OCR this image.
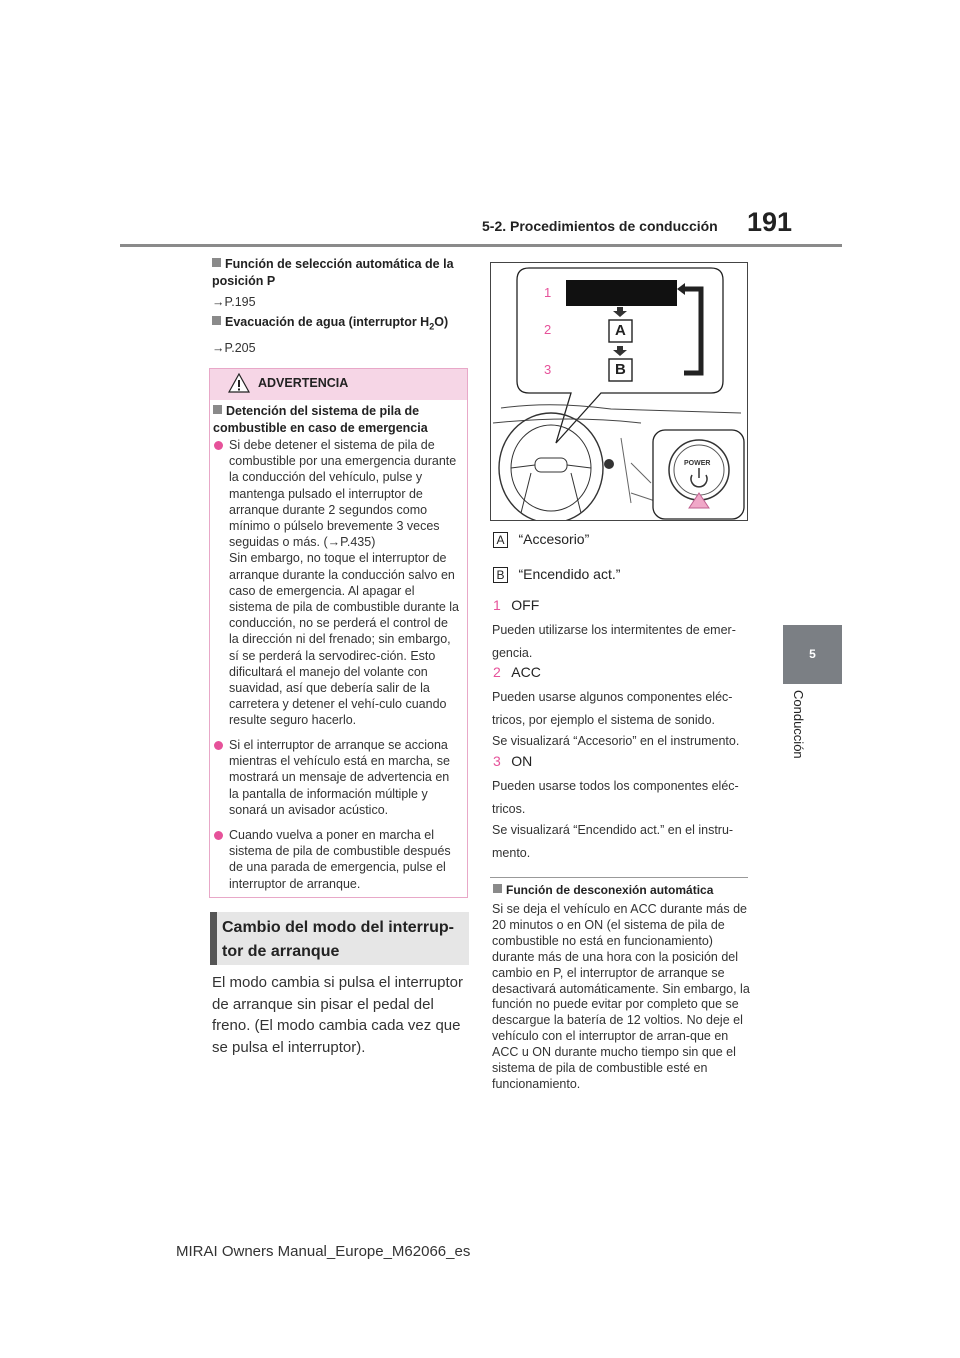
5-2. Procedimientos de conducción 191
5
Conducción
Función de selección automática de la posición P
→P.195
Evacuación de agua (interruptor $H_2O$)
→P.205
ADVERTENCIA
Detención del sistema de pila de combustible en caso de emergencia
Si debe detener el sistema de pila de combustible por una emergencia durante la conducción del vehículo, pulse y mantenga pulsado el interruptor de arranque durante 2 segundos como mínimo o púlselo brevemente 3 veces seguidas o más. (→P.435)
Sin embargo, no toque el interruptor de arranque durante la conducción salvo en caso de emergencia. Al apagar el sistema de pila de combustible durante la conducción, no se perderá el control de la dirección ni del frenado; sin embargo, sí se perderá la servodirec-ción. Esto dificultará el manejo del volante con suavidad, así que debería salir de la carretera y detener el vehí-culo cuando resulte seguro hacerlo.
Si el interruptor de arranque se acciona mientras el vehículo está en marcha, se mostrará un mensaje de advertencia en la pantalla de información múltiple y sonará un avisador acústico.
Cuando vuelva a poner en marcha el sistema de pila de combustible después de una parada de emergencia, pulse el interruptor de arranque.
Cambio del modo del interrup-tor de arranque
El modo cambia si pulsa el interruptor de arranque sin pisar el pedal del freno. (El modo cambia cada vez que se pulsa el interruptor).
1
2
3
A
B
POWER
A “Accesorio”
B “Encendido act.”
1 OFF
Pueden utilizarse los intermitentes de emer-gencia.
2 ACC
Pueden usarse algunos componentes eléc-tricos, por ejemplo el sistema de sonido.
Se visualizará “Accesorio” en el instrumento.
3 ON
Pueden usarse todos los componentes eléc-tricos.
Se visualizará “Encendido act.” en el instru-mento.
Función de desconexión automática
Si se deja el vehículo en ACC durante más de 20 minutos o en ON (el sistema de pila de combustible no está en funcionamiento) durante más de una hora con la posición del cambio en P, el interruptor de arranque se desactivará automáticamente. Sin embargo, la función no puede evitar por completo que se descargue la batería de 12 voltios. No deje el vehículo con el interruptor de arran-que en ACC u ON durante mucho tiempo sin que el sistema de pila de combustible esté en funcionamiento.
MIRAI Owners Manual_Europe_M62066_es
